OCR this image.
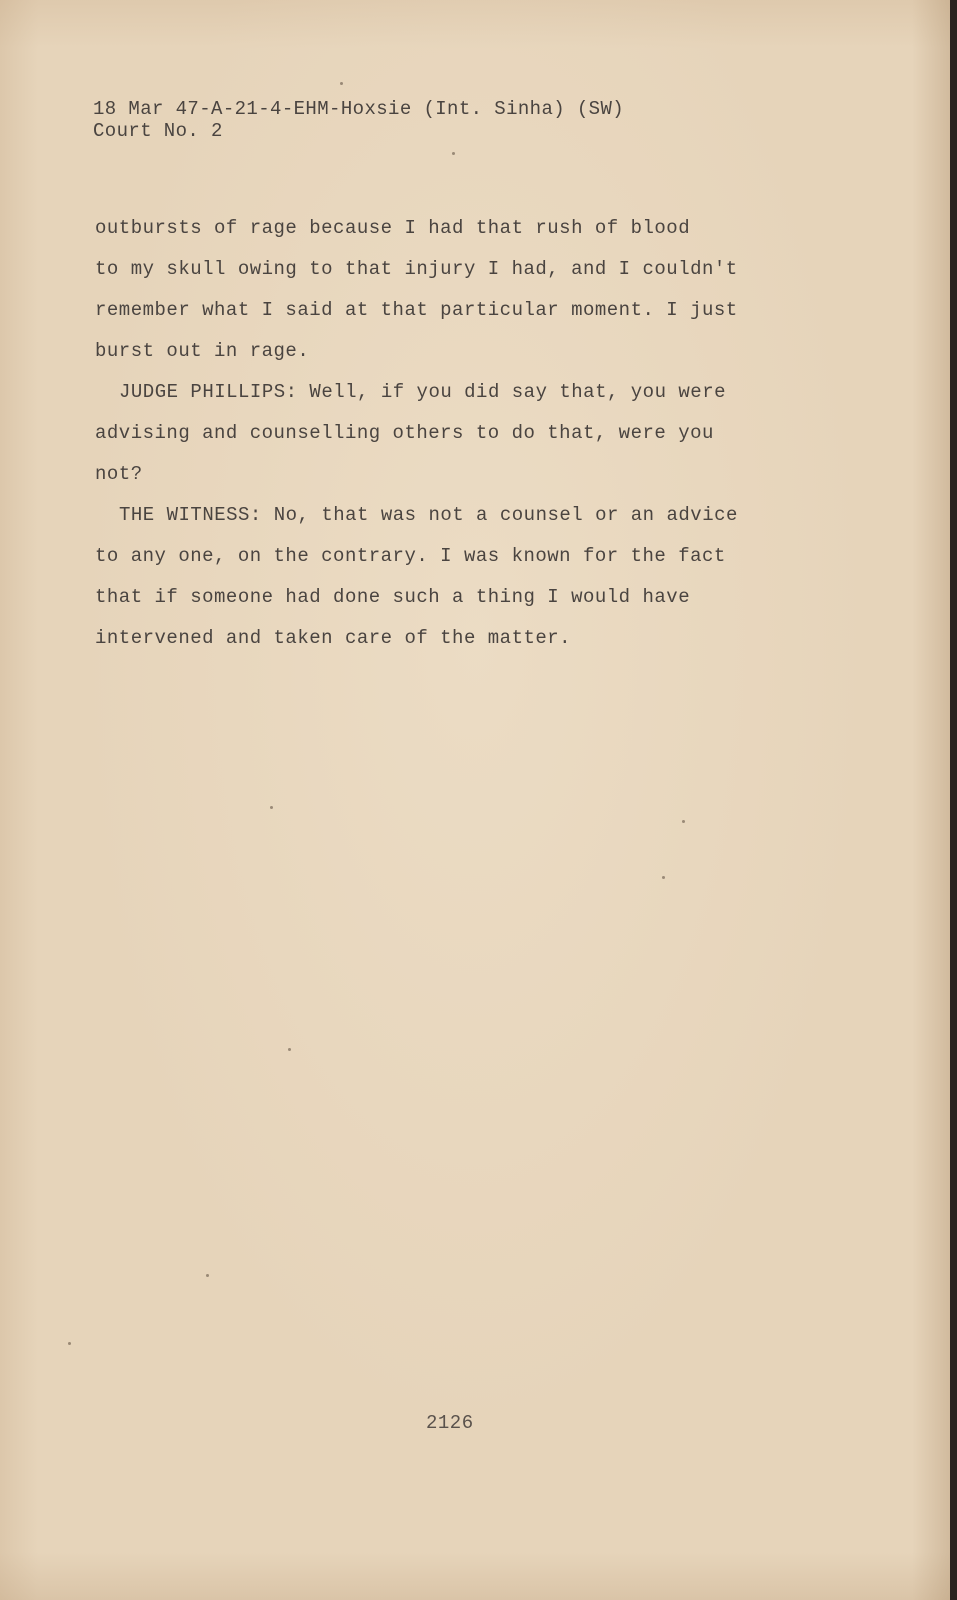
18 Mar 47-A-21-4-EHM-Hoxsie (Int. Sinha) (SW)
Court No. 2
outbursts of rage because I had that rush of blood
to my skull owing to that injury I had, and I couldn't
remember what I said at that particular moment. I just
burst out in rage.
JUDGE PHILLIPS: Well, if you did say that, you were
advising and counselling others to do that, were you
not?
THE WITNESS: No, that was not a counsel or an advice
to any one, on the contrary. I was known for the fact
that if someone had done such a thing I would have
intervened and taken care of the matter.
2126
